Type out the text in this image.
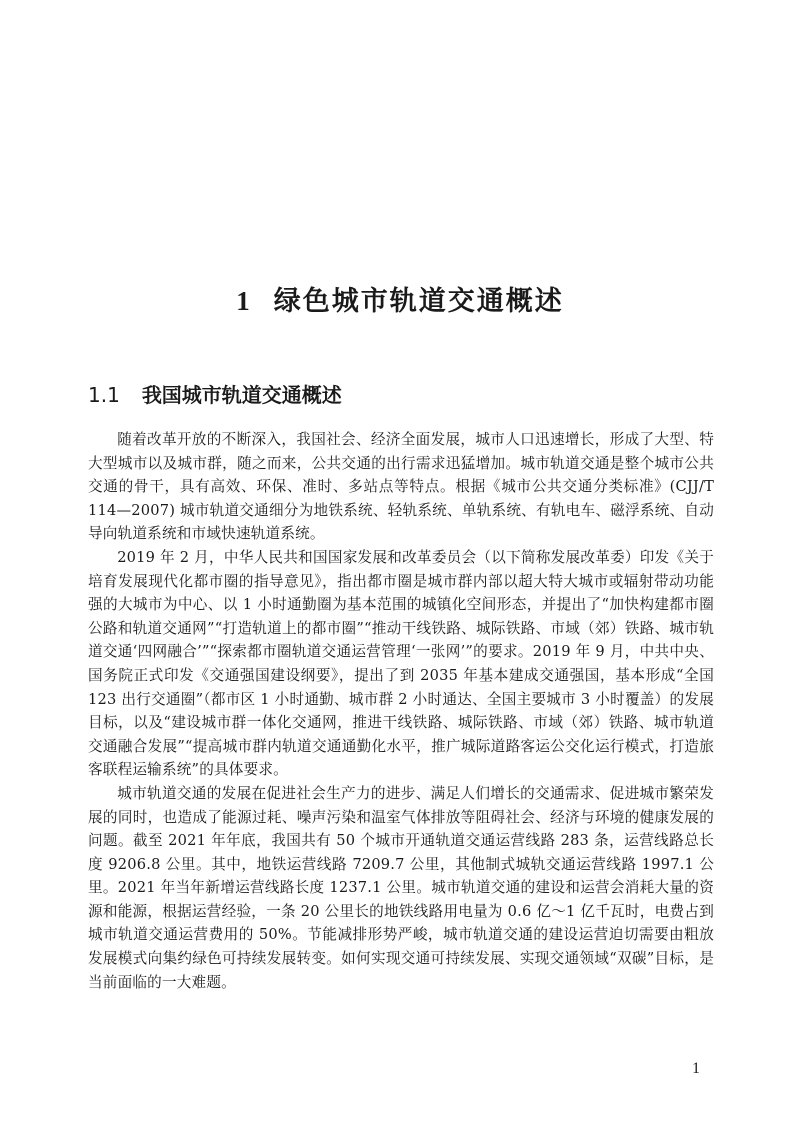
1 绿色城市轨道交通概述
1.1 我国城市轨道交通概述

随着改革开放的不断深入，我国社会、经济全面发展，城市人口迅速增长，形成了大型、特大型城市以及城市群，随之而来，公共交通的出行需求迅猛增加。城市轨道交通是整个城市公共交通的骨干，具有高效、环保、准时、多站点等特点。根据《城市公共交通分类标准》(CJJ/T 114—2007) 城市轨道交通细分为地铁系统、轻轨系统、单轨系统、有轨电车、磁浮系统、自动导向轨道系统和市域快速轨道系统。

2019 年 2 月，中华人民共和国国家发展和改革委员会（以下简称发展改革委）印发《关于培育发展现代化都市圈的指导意见》，指出都市圈是城市群内部以超大特大城市或辐射带动功能强的大城市为中心、以 1 小时通勤圈为基本范围的城镇化空间形态，并提出了“加快构建都市圈公路和轨道交通网”“打造轨道上的都市圈”“推动干线铁路、城际铁路、市域（郊）铁路、城市轨道交通‘四网融合’”“探索都市圈轨道交通运营管理‘一张网’”的要求。2019 年 9 月，中共中央、国务院正式印发《交通强国建设纲要》，提出了到 2035 年基本建成交通强国，基本形成“全国 123 出行交通圈”（都市区 1 小时通勤、城市群 2 小时通达、全国主要城市 3 小时覆盖）的发展目标，以及“建设城市群一体化交通网，推进干线铁路、城际铁路、市域（郊）铁路、城市轨道交通融合发展”“提高城市群内轨道交通通勤化水平，推广城际道路客运公交化运行模式，打造旅客联程运输系统”的具体要求。

城市轨道交通的发展在促进社会生产力的进步、满足人们增长的交通需求、促进城市繁荣发展的同时，也造成了能源过耗、噪声污染和温室气体排放等阻碍社会、经济与环境的健康发展的问题。截至 2021 年年底，我国共有 50 个城市开通轨道交通运营线路 283 条，运营线路总长度 9206.8 公里。其中，地铁运营线路 7209.7 公里，其他制式城轨交通运营线路 1997.1 公里。2021 年当年新增运营线路长度 1237.1 公里。城市轨道交通的建设和运营会消耗大量的资源和能源，根据运营经验，一条 20 公里长的地铁线路用电量为 0.6 亿～1 亿千瓦时，电费占到城市轨道交通运营费用的 50%。节能减排形势严峻，城市轨道交通的建设运营迫切需要由粗放发展模式向集约绿色可持续发展转变。如何实现交通可持续发展、实现交通领域“双碳”目标，是当前面临的一大难题。

1
